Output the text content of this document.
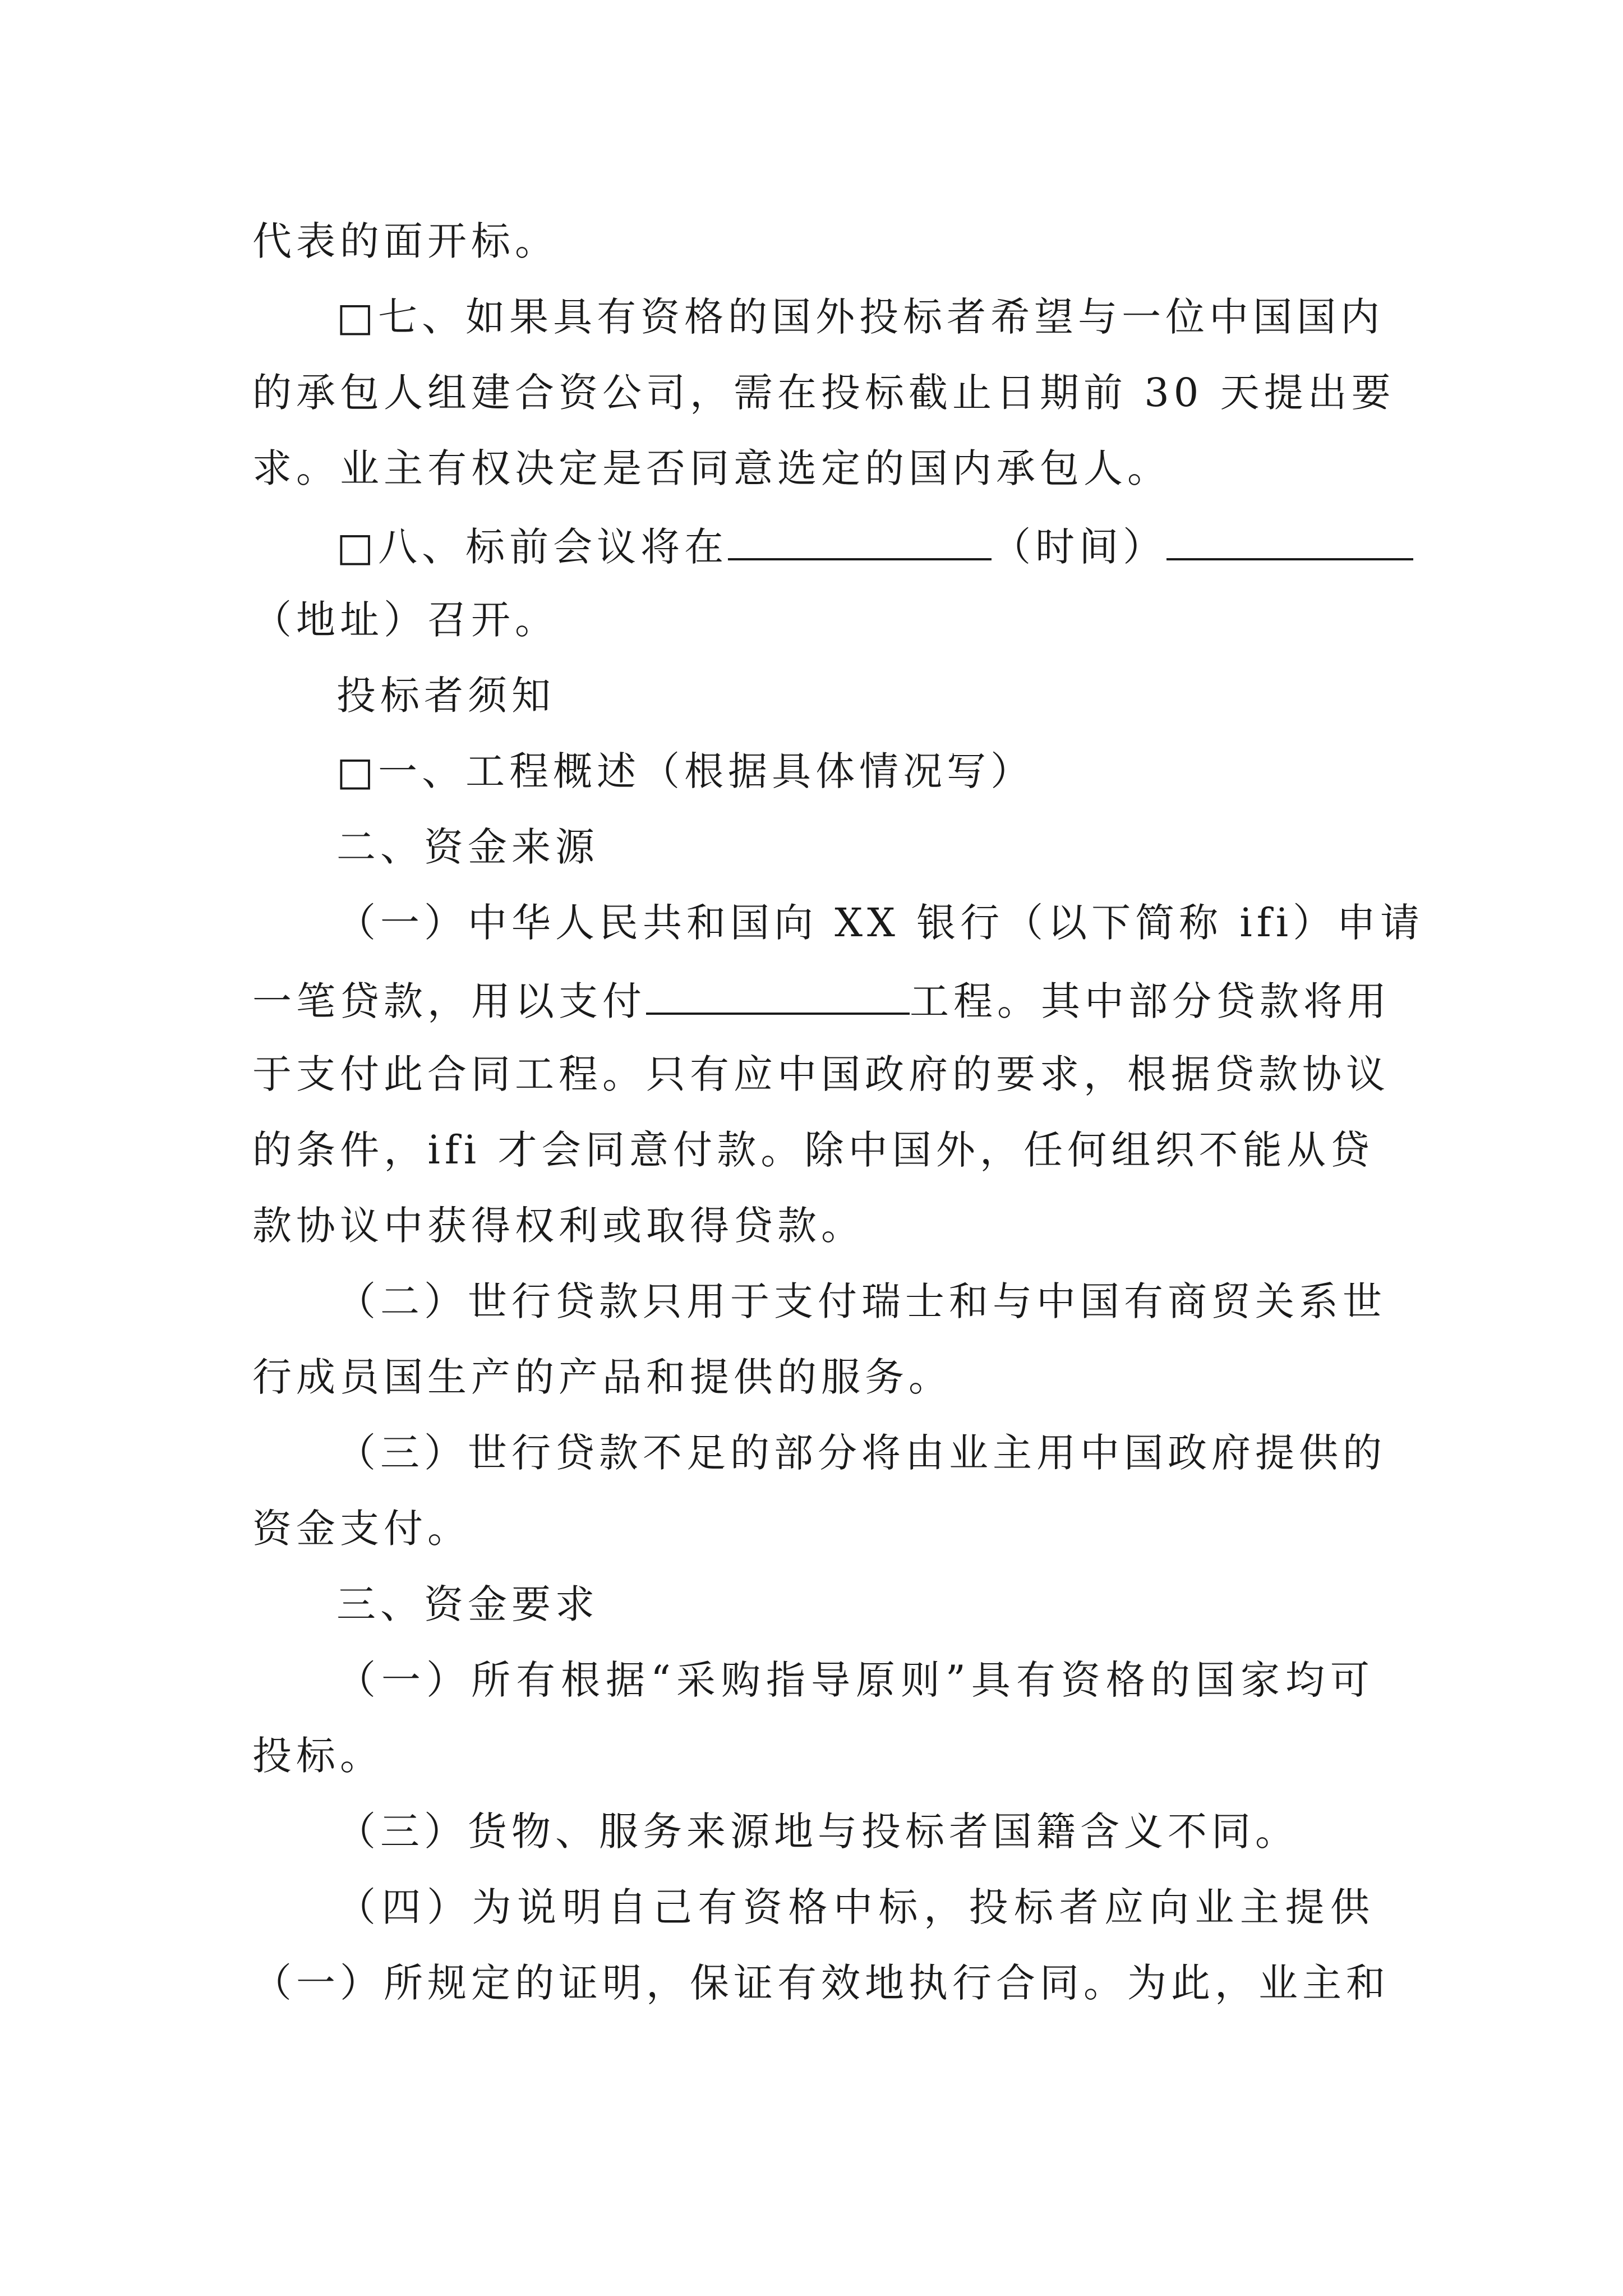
代表的面开标。
□七、如果具有资格的国外投标者希望与一位中国国内
的承包人组建合资公司，需在投标截止日期前 30 天提出要
求。业主有权决定是否同意选定的国内承包人。
□八、标前会议将在	（时间）
（地址）召开。
投标者须知
□一、工程概述（根据具体情况写）
二、资金来源
（一）中华人民共和国向 XX 银行（以下简称 ifi）申请
一笔贷款，用以支付	工程。其中部分贷款将用
于支付此合同工程。只有应中国政府的要求，根据贷款协议
的条件，ifi 才会同意付款。除中国外，任何组织不能从贷
款协议中获得权利或取得贷款。
（二）世行贷款只用于支付瑞士和与中国有商贸关系世
行成员国生产的产品和提供的服务。
（三）世行贷款不足的部分将由业主用中国政府提供的
资金支付。
三、资金要求
（一）所有根据“采购指导原则”具有资格的国家均可
投标。
（三）货物、服务来源地与投标者国籍含义不同。
（四）为说明自己有资格中标，投标者应向业主提供
（一）所规定的证明，保证有效地执行合同。为此，业主和
